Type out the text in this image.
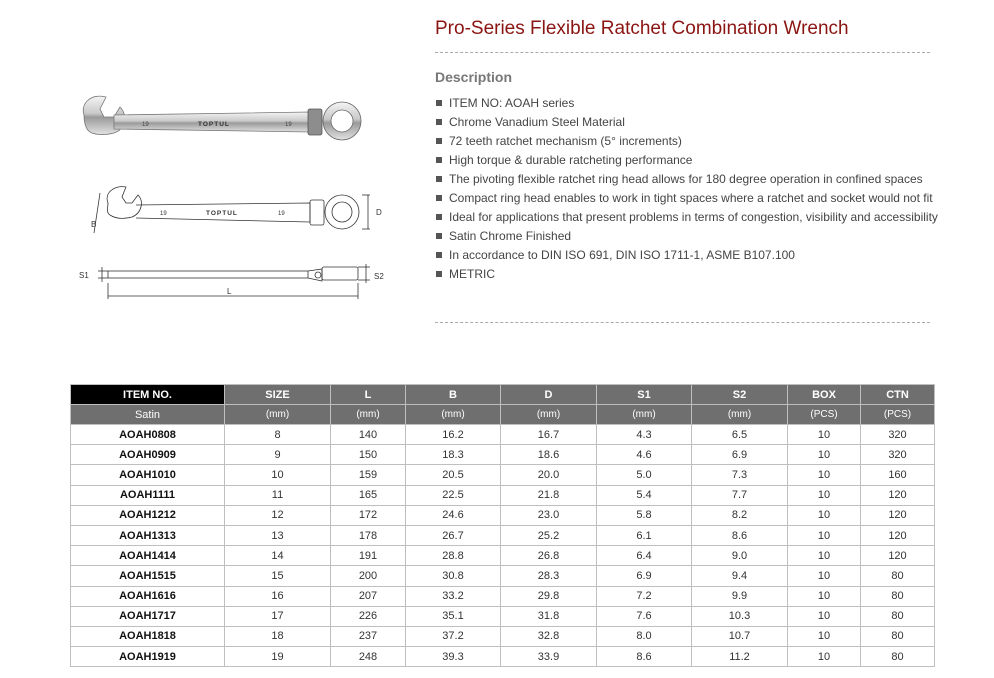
19	TOPTUL	19
19	TOPTUL	19
B
D
S1	S2
L
Pro-Series Flexible Ratchet Combination Wrench
Description
ITEM NO: AOAH series
Chrome Vanadium Steel Material
72 teeth ratchet mechanism (5° increments)
High torque & durable ratcheting performance
The pivoting flexible ratchet ring head allows for 180 degree operation in confined spaces
Compact ring head enables to work in tight spaces where a ratchet and socket would not fit
Ideal for applications that present problems in terms of congestion, visibility and accessibility
Satin Chrome Finished
In accordance to DIN ISO 691, DIN ISO 1711-1, ASME B107.100
METRIC
ITEM NO.	SIZE	L	B	D	S1	S2	BOX	CTN
Satin	(mm)	(mm)	(mm)	(mm)	(mm)	(mm)	(PCS)	(PCS)
AOAH0808	8	140	16.2	16.7	4.3	6.5	10	320
AOAH0909	9	150	18.3	18.6	4.6	6.9	10	320
AOAH1010	10	159	20.5	20.0	5.0	7.3	10	160
AOAH1111	11	165	22.5	21.8	5.4	7.7	10	120
AOAH1212	12	172	24.6	23.0	5.8	8.2	10	120
AOAH1313	13	178	26.7	25.2	6.1	8.6	10	120
AOAH1414	14	191	28.8	26.8	6.4	9.0	10	120
AOAH1515	15	200	30.8	28.3	6.9	9.4	10	80
AOAH1616	16	207	33.2	29.8	7.2	9.9	10	80
AOAH1717	17	226	35.1	31.8	7.6	10.3	10	80
AOAH1818	18	237	37.2	32.8	8.0	10.7	10	80
AOAH1919	19	248	39.3	33.9	8.6	11.2	10	80
